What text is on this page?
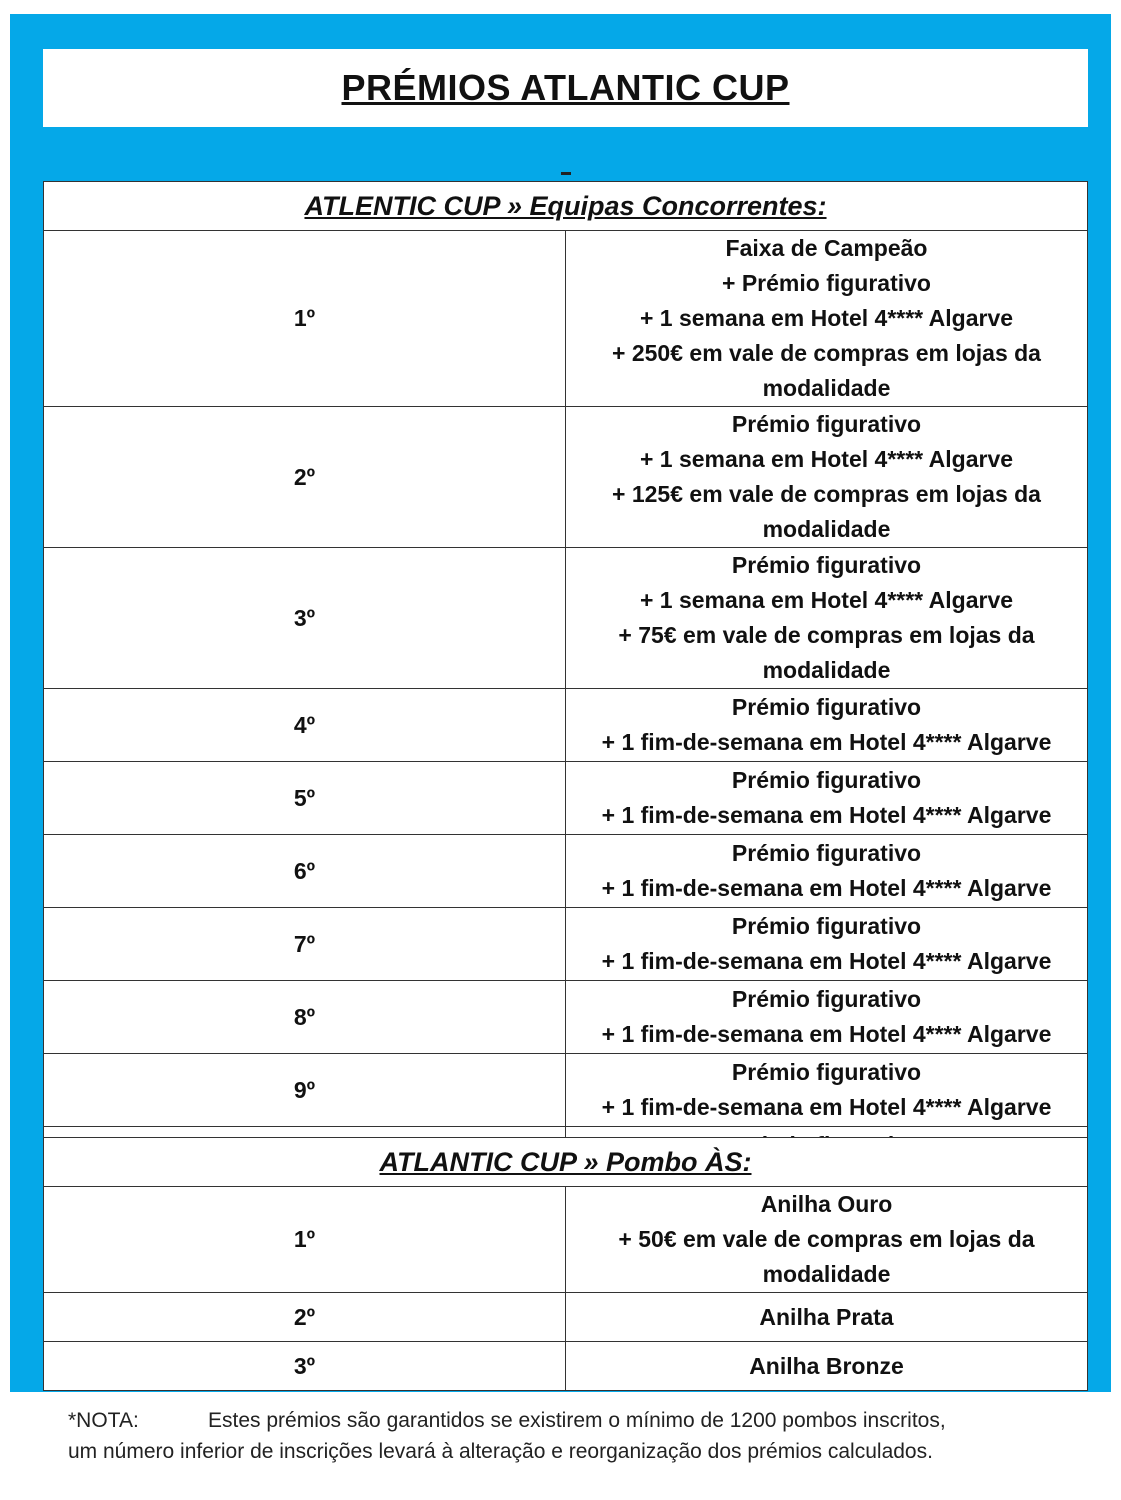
PRÉMIOS ATLANTIC CUP
ATLENTIC CUP » Equipas Concorrentes:	
1º	Faixa de Campeão
+ Prémio figurativo
+ 1 semana em Hotel 4**** Algarve
+ 250€ em vale de compras em lojas da modalidade

2º	Prémio figurativo
+ 1 semana em Hotel 4**** Algarve
+ 125€ em vale de compras em lojas da modalidade

3º	Prémio figurativo
+ 1 semana em Hotel 4**** Algarve
+ 75€ em vale de compras em lojas da modalidade

4º	Prémio figurativo
+ 1 fim-de-semana em Hotel 4**** Algarve

5º	Prémio figurativo
+ 1 fim-de-semana em Hotel 4**** Algarve

6º	Prémio figurativo
+ 1 fim-de-semana em Hotel 4**** Algarve

7º	Prémio figurativo
+ 1 fim-de-semana em Hotel 4**** Algarve

8º	Prémio figurativo
+ 1 fim-de-semana em Hotel 4**** Algarve

9º	Prémio figurativo
+ 1 fim-de-semana em Hotel 4**** Algarve

ATLANTIC CUP » Pombo ÀS:	
1º	Anilha Ouro
+ 50€ em vale de compras em lojas da modalidade

2º	Anilha Prata

3º	Anilha Bronze
*NOTA:	Estes prémios são garantidos se existirem o mínimo de 1200 pombos inscritos,
um número inferior de inscrições levará à alteração e reorganização dos prémios calculados.
